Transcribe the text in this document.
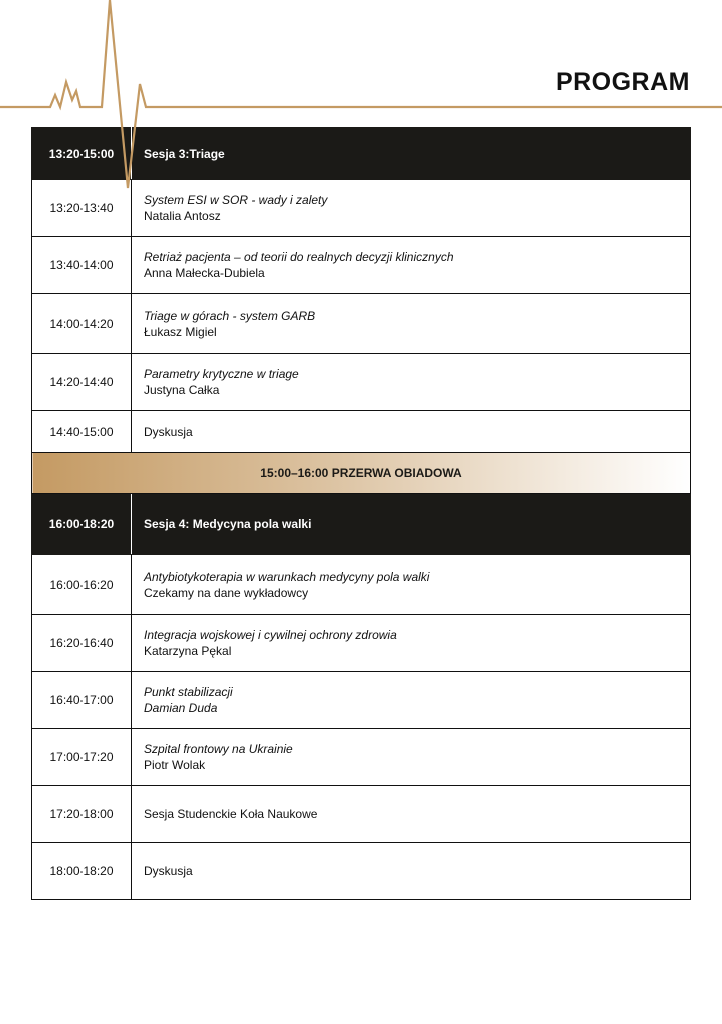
PROGRAM
13:20-15:00	Sesja 3:Triage
13:20-13:40	System ESI w SOR - wady i zalety
Natalia Antosz

13:40-14:00	Retriaż pacjenta – od teorii do realnych decyzji klinicznych
Anna Małecka-Dubiela

14:00-14:20	Triage w górach - system GARB
Łukasz Migiel

14:20-14:40	Parametry krytyczne w triage
Justyna Całka

14:40-15:00	Dyskusja
15:00–16:00 PRZERWA OBIADOWA	
16:00-18:20	Sesja 4: Medycyna pola walki
16:00-16:20	Antybiotykoterapia w warunkach medycyny pola walki
Czekamy na dane wykładowcy

16:20-16:40	Integracja wojskowej i cywilnej ochrony zdrowia
Katarzyna Pękal

16:40-17:00	Punkt stabilizacji
Damian Duda

17:00-17:20	Szpital frontowy na Ukrainie
Piotr Wolak

17:20-18:00	Sesja Studenckie Koła Naukowe
18:00-18:20	Dyskusja
